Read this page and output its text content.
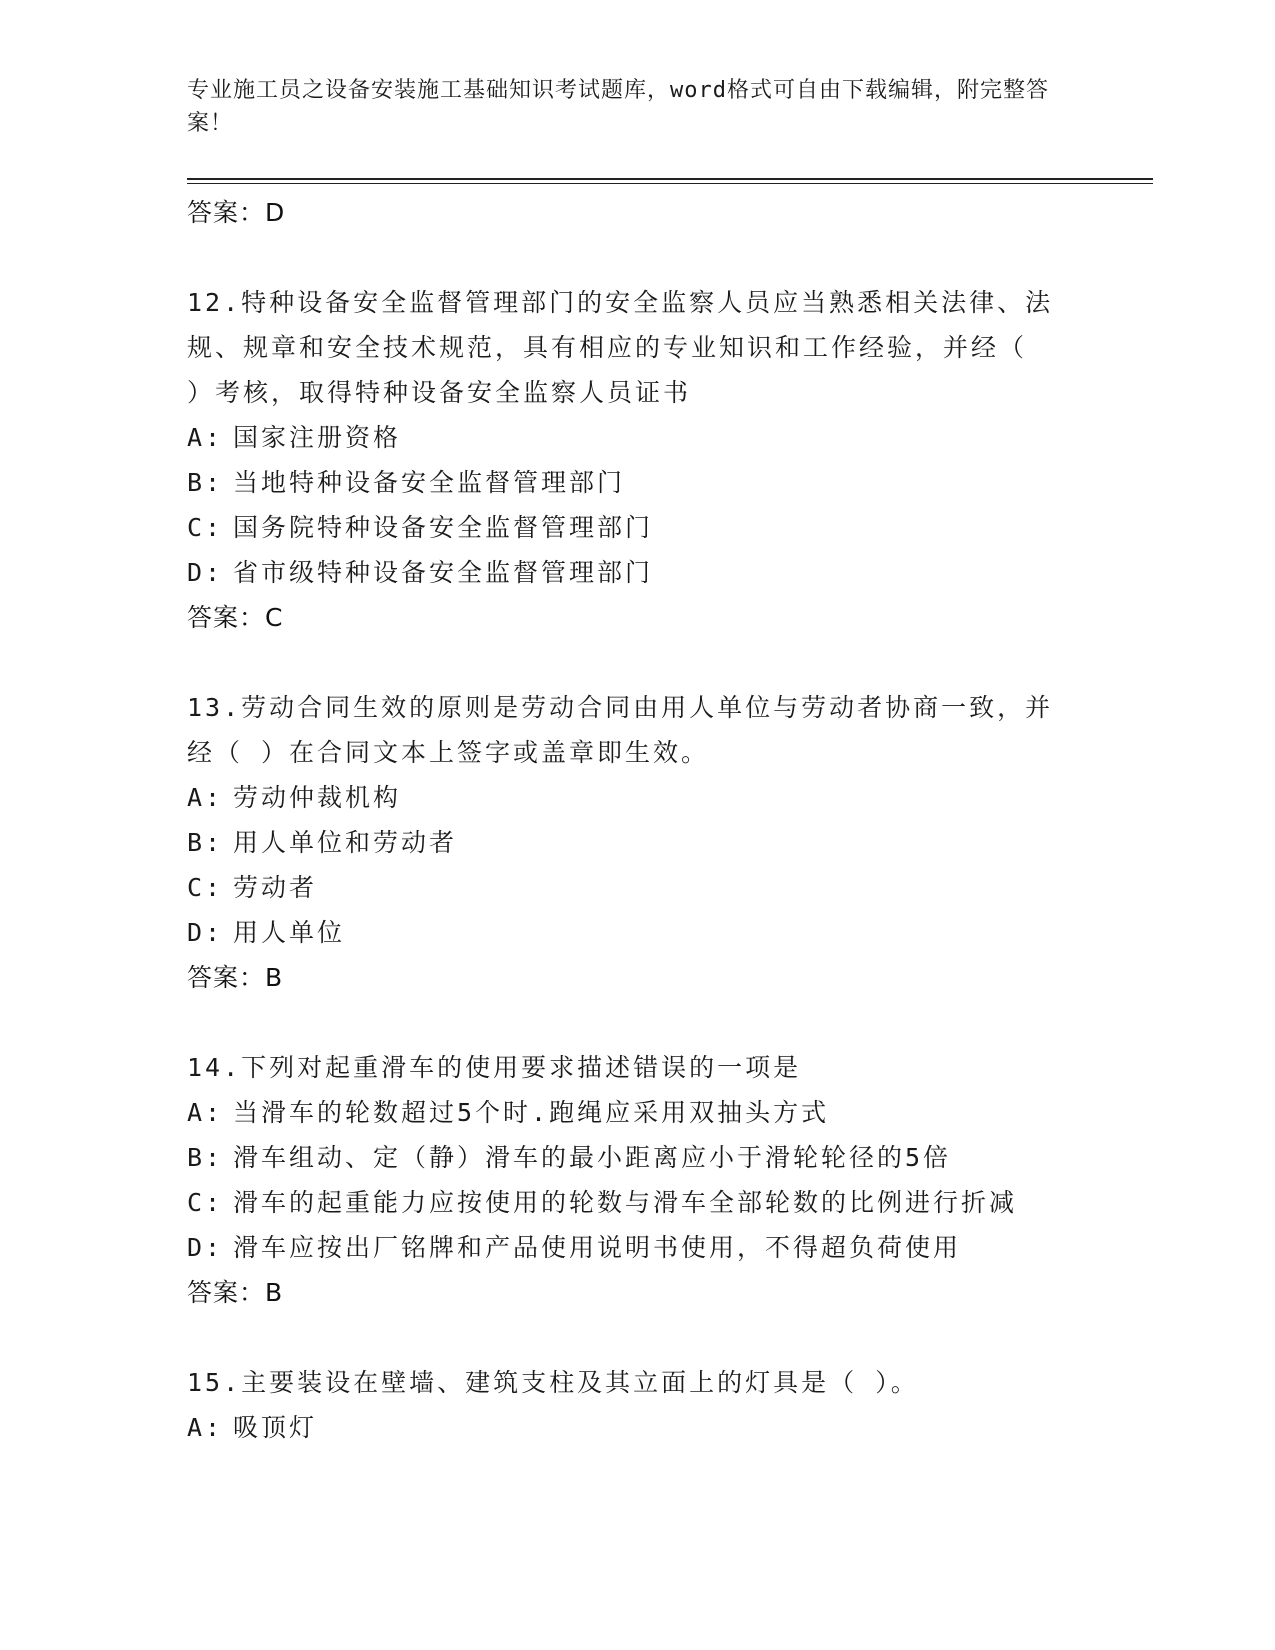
专业施工员之设备安装施工基础知识考试题库，word格式可自由下载编辑，附完整答案！
答案：D
12.特种设备安全监督管理部门的安全监察人员应当熟悉相关法律、法
规、规章和安全技术规范，具有相应的专业知识和工作经验，并经（
）考核，取得特种设备安全监察人员证书
A: 国家注册资格
B: 当地特种设备安全监督管理部门
C: 国务院特种设备安全监督管理部门
D: 省市级特种设备安全监督管理部门
答案：C
13.劳动合同生效的原则是劳动合同由用人单位与劳动者协商一致，并
经（ ）在合同文本上签字或盖章即生效。
A: 劳动仲裁机构
B: 用人单位和劳动者
C: 劳动者
D: 用人单位
答案：B
14.下列对起重滑车的使用要求描述错误的一项是
A: 当滑车的轮数超过5个时.跑绳应采用双抽头方式
B: 滑车组动、定（静）滑车的最小距离应小于滑轮轮径的5倍
C: 滑车的起重能力应按使用的轮数与滑车全部轮数的比例进行折减
D: 滑车应按出厂铭牌和产品使用说明书使用，不得超负荷使用
答案：B
15.主要装设在壁墙、建筑支柱及其立面上的灯具是（ ）。
A: 吸顶灯
